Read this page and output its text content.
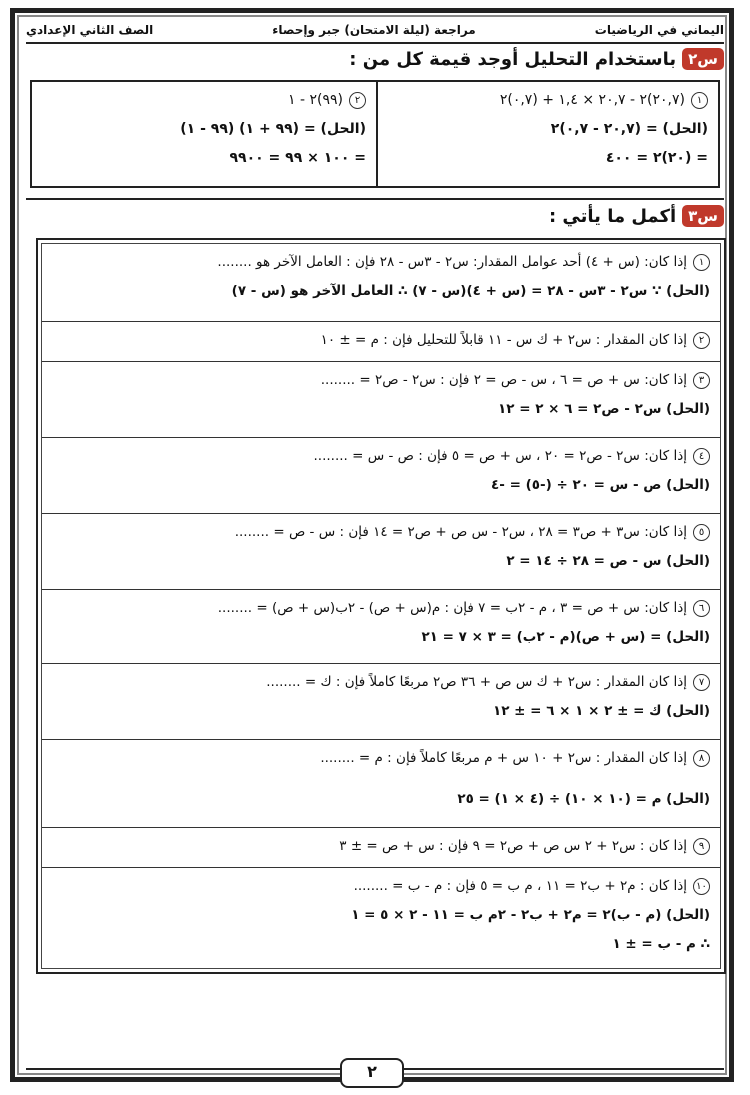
اليماني في الرياضيات
مراجعة (ليلة الامتحان) جبر وإحصاء
الصف الثاني الإعدادي
س٢
باستخدام التحليل أوجد قيمة كل من :
١(٢٠,٧)٢ - ٢٠,٧ × ١,٤ + (٠,٧)٢
(الحل) = (٢٠,٧ - ٠,٧)٢
= (٢٠)٢ = ٤٠٠
٢(٩٩)٢ - ١
(الحل) = (٩٩ + ١) (٩٩ - ١)
= ١٠٠ × ٩٩ = ٩٩٠٠
س٣
أكمل ما يأتي :
١إذا كان: (س + ٤) أحد عوامل المقدار: س٢ - ٣س - ٢٨ فإن : العامل الآخر هو ........
(الحل) ∵ س٢ - ٣س - ٢٨ = (س + ٤)(س - ٧) ∴ العامل الآخر هو (س - ٧)
٢إذا كان المقدار : س٢ + ك س - ١١ قابلاً للتحليل فإن : م = ± ١٠
٣إذا كان: س + ص = ٦ ، س - ص = ٢ فإن : س٢ - ص٢ = ........
(الحل) س٢ - ص٢ = ٦ × ٢ = ١٢
٤إذا كان: س٢ - ص٢ = ٢٠ ، س + ص = ٥ فإن : ص - س = ........
(الحل) ص - س = ٢٠ ÷ (-٥) = -٤
٥إذا كان: س٣ + ص٣ = ٢٨ ، س٢ - س ص + ص٢ = ١٤ فإن : س - ص = ........
(الحل) س - ص = ٢٨ ÷ ١٤ = ٢
٦إذا كان: س + ص = ٣ ، م - ٢ب = ٧ فإن : م(س + ص) - ٢ب(س + ص) = ........
(الحل) = (س + ص)(م - ٢ب) = ٣ × ٧ = ٢١
٧إذا كان المقدار : س٢ + ك س ص + ٣٦ ص٢ مربعًا كاملاً فإن : ك = ........
(الحل) ك = ± ٢ × ١ × ٦ = ± ١٢
٨إذا كان المقدار : س٢ + ١٠ س + م مربعًا كاملاً فإن : م = ........
(الحل) م = (١٠ × ١٠) ÷ (٤ × ١) = ٢٥
٩إذا كان : س٢ + ٢ س ص + ص٢ = ٩ فإن : س + ص = ± ٣
١٠إذا كان : م٢ + ب٢ = ١١ ، م ب = ٥ فإن : م - ب = ........
(الحل) (م - ب)٢ = م٢ + ب٢ - ٢م ب = ١١ - ٢ × ٥ = ١
∴ م - ب = ± ١
٢
